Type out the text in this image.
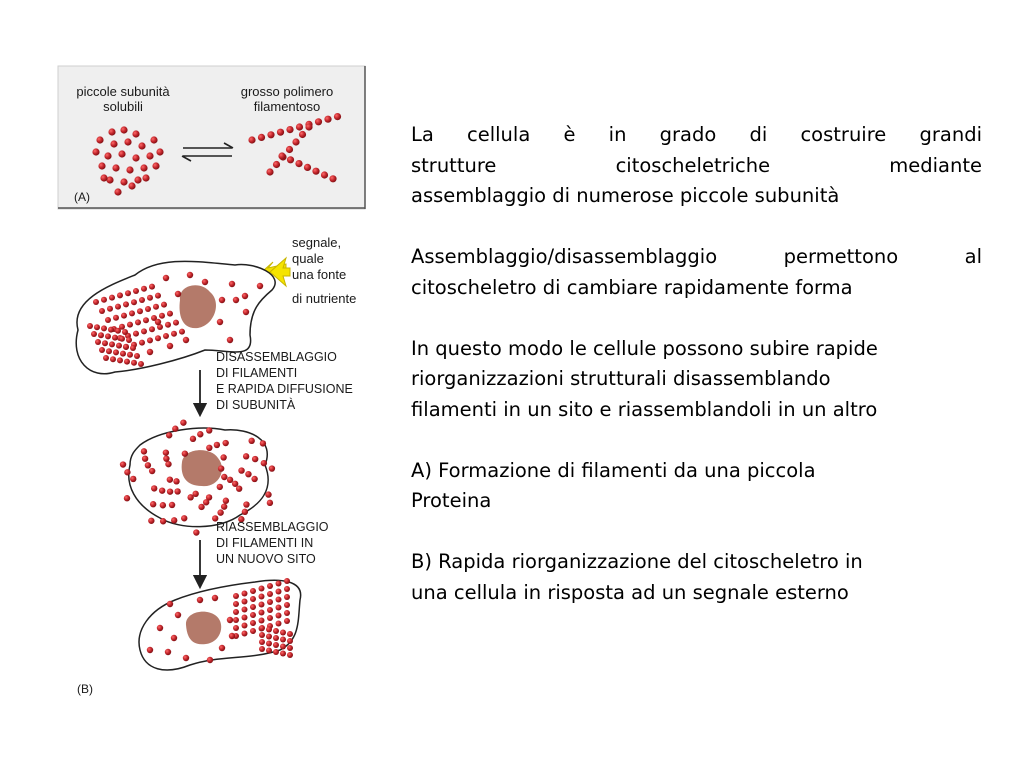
piccole subunità
solubili
grosso polimero
filamentoso
(A)
segnale,
quale
una fonte
di nutriente
DISASSEMBLAGGIO
DI FILAMENTI
E RAPIDA DIFFUSIONE
DI SUBUNITÀ
RIASSEMBLAGGIO
DI FILAMENTI IN
UN NUOVO SITO
(B)

La cellula è in grado di costruire grandi
strutture citoscheletriche mediante
assemblaggio di numerose piccole subunità

Assemblaggio/disassemblaggio permettono al
citoscheletro di cambiare rapidamente forma

In questo modo le cellule possono subire rapide
riorganizzazioni strutturali disassemblando
filamenti in un sito e riassemblandoli in un altro

A) Formazione di filamenti da una piccola
Proteina

B) Rapida riorganizzazione del citoscheletro in
una cellula in risposta ad un segnale esterno
